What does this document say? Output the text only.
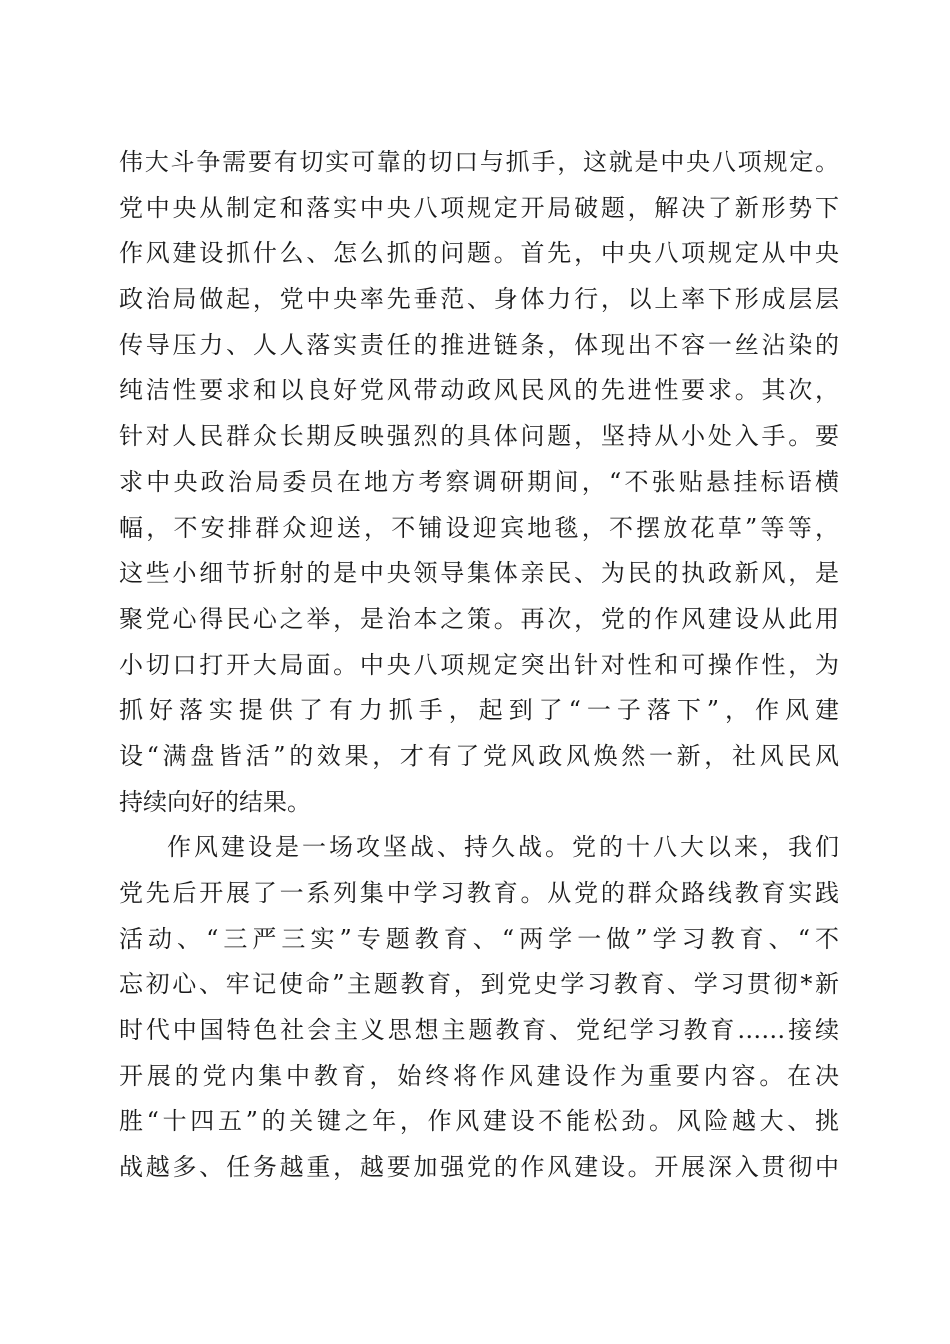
伟大斗争需要有切实可靠的切口与抓手，这就是中央八项规定。
党中央从制定和落实中央八项规定开局破题，解决了新形势下
作风建设抓什么、怎么抓的问题。首先，中央八项规定从中央
政治局做起，党中央率先垂范、身体力行，以上率下形成层层
传导压力、人人落实责任的推进链条，体现出不容一丝沾染的
纯洁性要求和以良好党风带动政风民风的先进性要求。其次，
针对人民群众长期反映强烈的具体问题，坚持从小处入手。要
求中央政治局委员在地方考察调研期间，“不张贴悬挂标语横
幅，不安排群众迎送，不铺设迎宾地毯，不摆放花草”等等，
这些小细节折射的是中央领导集体亲民、为民的执政新风，是
聚党心得民心之举，是治本之策。再次，党的作风建设从此用
小切口打开大局面。中央八项规定突出针对性和可操作性，为
抓好落实提供了有力抓手，起到了“一子落下”，作风建
设“满盘皆活”的效果，才有了党风政风焕然一新，社风民风
持续向好的结果。
作风建设是一场攻坚战、持久战。党的十八大以来，我们
党先后开展了一系列集中学习教育。从党的群众路线教育实践
活动、“三严三实”专题教育、“两学一做”学习教育、“不
忘初心、牢记使命”主题教育，到党史学习教育、学习贯彻*新
时代中国特色社会主义思想主题教育、党纪学习教育……接续
开展的党内集中教育，始终将作风建设作为重要内容。在决
胜“十四五”的关键之年，作风建设不能松劲。风险越大、挑
战越多、任务越重，越要加强党的作风建设。开展深入贯彻中
